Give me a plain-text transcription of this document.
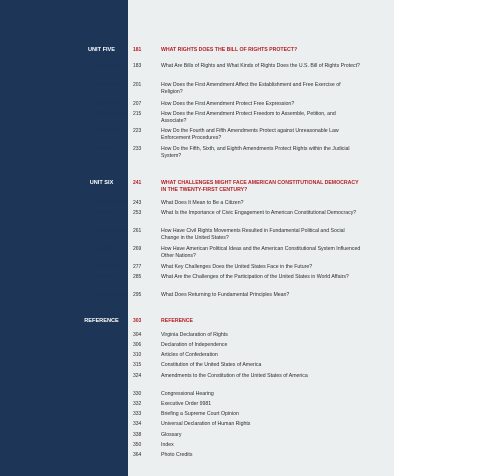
UNIT FIVE	181	WHAT RIGHTS DOES THE BILL OF RIGHTS PROTECT?
LESSON 27 183	What Are Bills of Rights and What Kinds of Rights Does the U.S. Bill of Rights Protect?
LESSON 28 201	How Does the First Amendment Affect the Establishment and Free Exercise of Religion?
LESSON 29 207	How Does the First Amendment Protect Free Expression?
LESSON 30 215	How Does the First Amendment Protect Freedom to Assemble, Petition, and Associate?
LESSON 31 223	How Do the Fourth and Fifth Amendments Protect against Unreasonable Law Enforcement Procedures?
LESSON 32 233	How Do the Fifth, Sixth, and Eighth Amendments Protect Rights within the Judicial System?
UNIT SIX	241	WHAT CHALLENGES MIGHT FACE AMERICAN CONSTITUTIONAL DEMOCRACY IN THE TWENTY-FIRST CENTURY?
LESSON 33 243	What Does It Mean to Be a Citizen?
LESSON 34 253	What Is the Importance of Civic Engagement to American Constitutional Democracy?
LESSON 35 261	How Have Civil Rights Movements Resulted in Fundamental Political and Social Change in the United States?
LESSON 36 269	How Have American Political Ideas and the American Constitutional System Influenced Other Nations?
LESSON 37 277	What Key Challenges Does the United States Face in the Future?
LESSON 38 285	What Are the Challenges of the Participation of the United States in World Affairs?
LESSON 39 295	What Does Returning to Fundamental Principles Mean?
REFERENCE	303	REFERENCE
304	Virginia Declaration of Rights
306	Declaration of Independence
310	Articles of Confederation
315	Constitution of the United States of America
324	Amendments to the Constitution of the United States of America
330	Congressional Hearing
332	Executive Order 9981
333	Briefing a Supreme Court Opinion
334	Universal Declaration of Human Rights
338	Glossary
350	Index
364	Photo Credits
